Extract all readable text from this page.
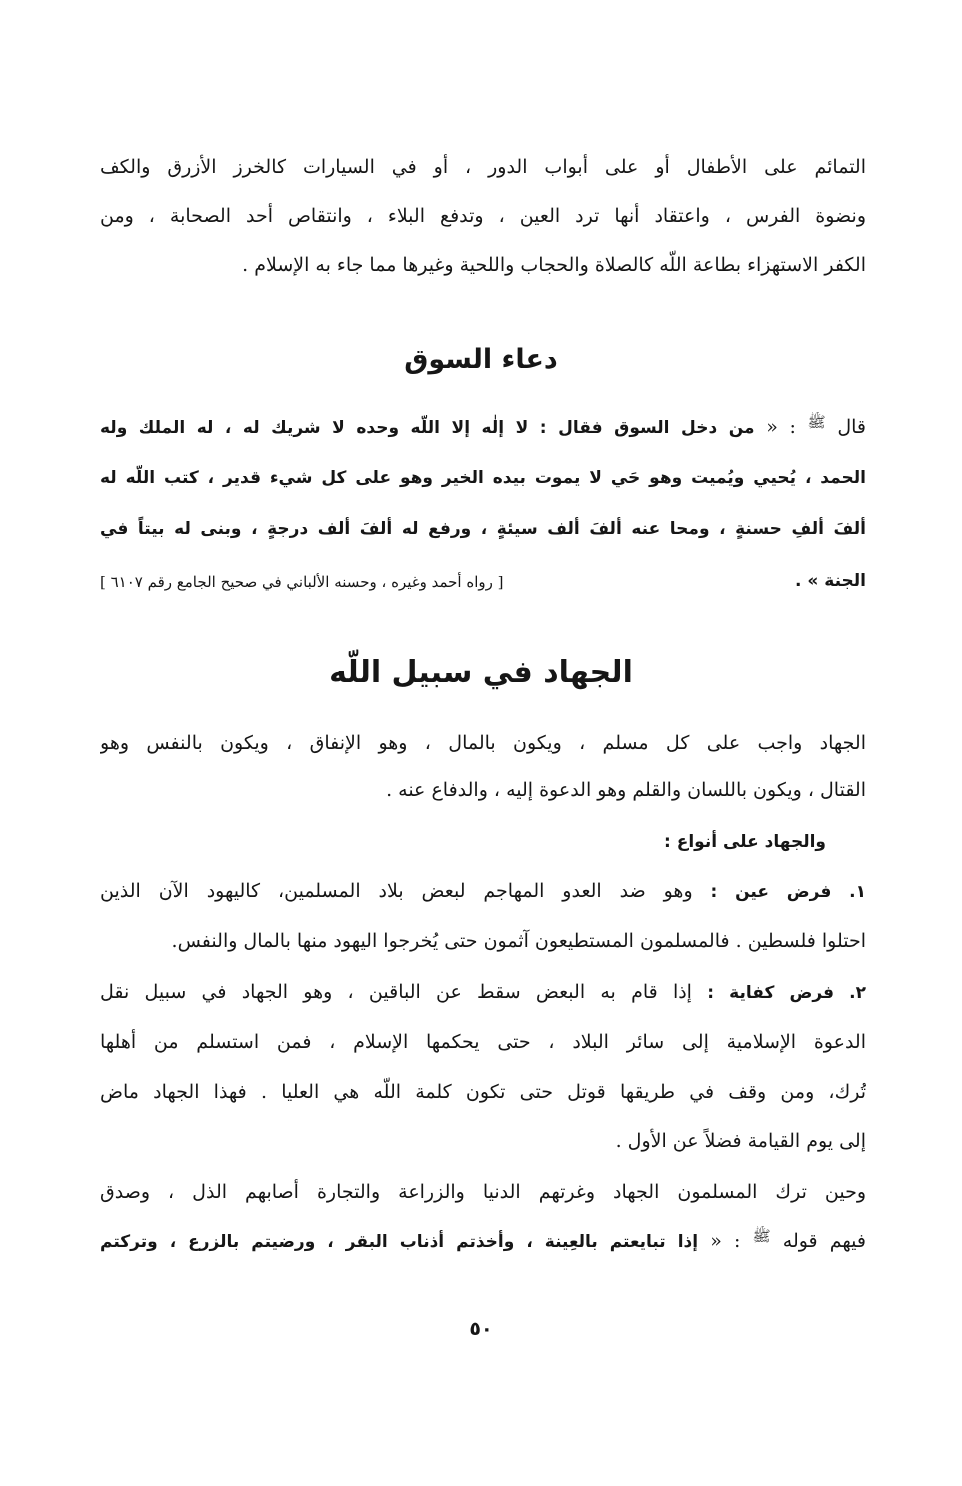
التمائم على الأطفال أو على أبواب الدور ، أو في السيارات كالخرز الأزرق والكف
ونضوة الفرس ، واعتقاد أنها ترد العين ، وتدفع البلاء ، وانتقاص أحد الصحابة ، ومن
الكفر الاستهزاء بطاعة اللّه كالصلاة والحجاب واللحية وغيرها مما جاء به الإسلام .
دعاء السوق
قال $^ﷺ$ : « من دخل السوق فقال : لا إلٰه إلا اللّه وحده لا شريك له ، له الملك وله
الحمد ، يُحيي ويُميت وهو حَي لا يموت بيده الخير وهو على كل شيء قدير ، كتب اللّه له
ألفَ ألفِ حسنةٍ ، ومحا عنه ألفَ ألف سيئةٍ ، ورفع له ألفَ ألف درجةٍ ، وبنى له بيتاً في
الجنة » .
[ رواه أحمد وغيره ، وحسنه الألباني في صحيح الجامع رقم ٦١٠٧ ]
الجهاد في سبيل اللّه
الجهاد واجب على كل مسلم ، ويكون بالمال ، وهو الإنفاق ، ويكون بالنفس وهو
القتال ، ويكون باللسان والقلم وهو الدعوة إليه ، والدفاع عنه .
والجهاد على أنواع :
١. فرض عين : وهو ضد العدو المهاجم لبعض بلاد المسلمين، كاليهود الآن الذين
احتلوا فلسطين . فالمسلمون المستطيعون آثمون حتى يُخرجوا اليهود منها بالمال والنفس.
٢. فرض كفاية : إذا قام به البعض سقط عن الباقين ، وهو الجهاد في سبيل نقل
الدعوة الإسلامية إلى سائر البلاد ، حتى يحكمها الإسلام ، فمن استسلم من أهلها
تُرك، ومن وقف في طريقها قوتل حتى تكون كلمة اللّه هي العليا . فهذا الجهاد ماض
إلى يوم القيامة فضلاً عن الأول .
وحين ترك المسلمون الجهاد وغرتهم الدنيا والزراعة والتجارة أصابهم الذل ، وصدق
فيهم قوله $^ﷺ$ : « إذا تبايعتم بالعِينة ، وأخذتم أذناب البقر ، ورضيتم بالزرع ، وتركتم
٥٠
